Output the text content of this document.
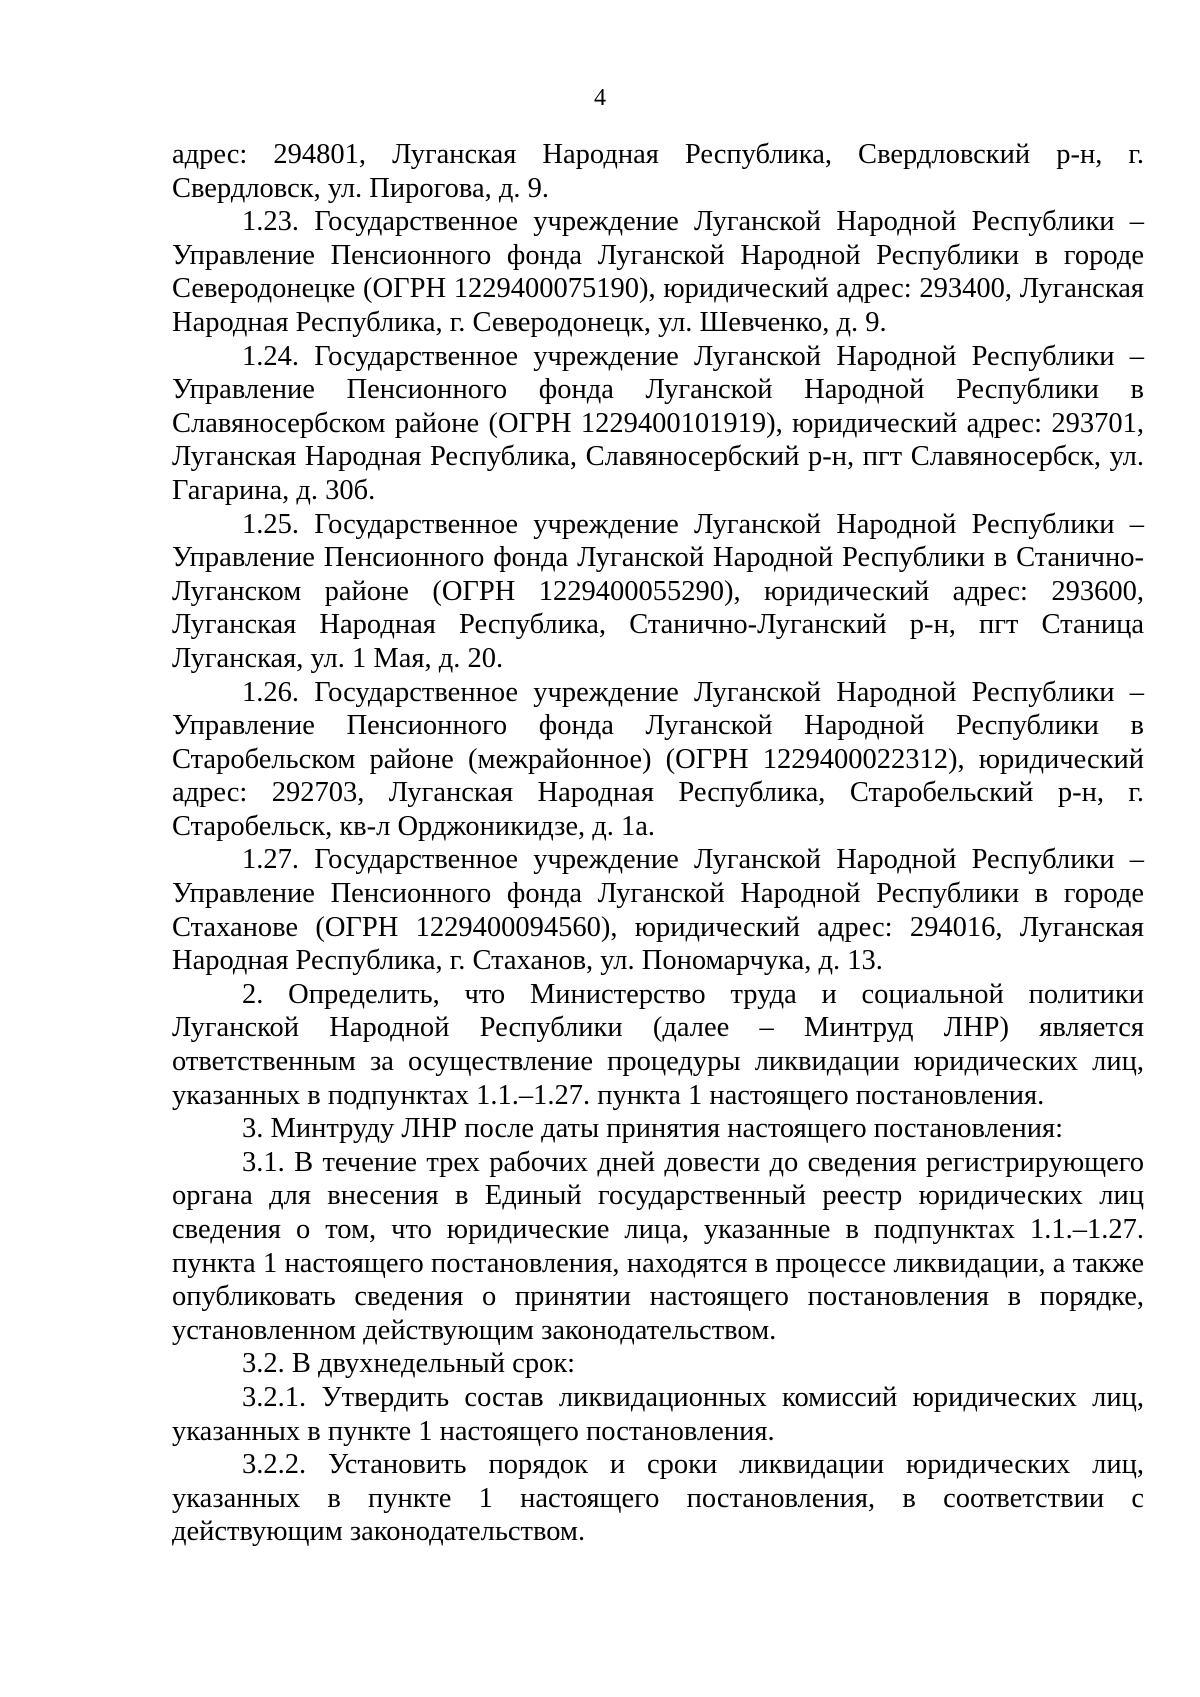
4

адрес: 294801, Луганская Народная Республика, Свердловский р-н, г. Свердловск, ул. Пирогова, д. 9.

1.23. Государственное учреждение Луганской Народной Республики – Управление Пенсионного фонда Луганской Народной Республики в городе Северодонецке (ОГРН 1229400075190), юридический адрес: 293400, Луганская Народная Республика, г. Северодонецк, ул. Шевченко, д. 9.

1.24. Государственное учреждение Луганской Народной Республики – Управление Пенсионного фонда Луганской Народной Республики в Славяносербском районе (ОГРН 1229400101919), юридический адрес: 293701, Луганская Народная Республика, Славяносербский р-н, пгт Славяносербск, ул. Гагарина, д. 30б.

1.25. Государственное учреждение Луганской Народной Республики – Управление Пенсионного фонда Луганской Народной Республики в Станично-Луганском районе (ОГРН 1229400055290), юридический адрес: 293600, Луганская Народная Республика, Станично-Луганский р-н, пгт Станица Луганская, ул. 1 Мая, д. 20.

1.26. Государственное учреждение Луганской Народной Республики – Управление Пенсионного фонда Луганской Народной Республики в Старобельском районе (межрайонное) (ОГРН 1229400022312), юридический адрес: 292703, Луганская Народная Республика, Старобельский р-н, г. Старобельск, кв-л Орджоникидзе, д. 1а.

1.27. Государственное учреждение Луганской Народной Республики – Управление Пенсионного фонда Луганской Народной Республики в городе Стаханове (ОГРН 1229400094560), юридический адрес: 294016, Луганская Народная Республика, г. Стаханов, ул. Пономарчука, д. 13.

2. Определить, что Министерство труда и социальной политики Луганской Народной Республики (далее – Минтруд ЛНР) является ответственным за осуществление процедуры ликвидации юридических лиц, указанных в подпунктах 1.1.–1.27. пункта 1 настоящего постановления.

3. Минтруду ЛНР после даты принятия настоящего постановления:

3.1. В течение трех рабочих дней довести до сведения регистрирующего органа для внесения в Единый государственный реестр юридических лиц сведения о том, что юридические лица, указанные в подпунктах 1.1.–1.27. пункта 1 настоящего постановления, находятся в процессе ликвидации, а также опубликовать сведения о принятии настоящего постановления в порядке, установленном действующим законодательством.

3.2. В двухнедельный срок:

3.2.1. Утвердить состав ликвидационных комиссий юридических лиц, указанных в пункте 1 настоящего постановления.

3.2.2. Установить порядок и сроки ликвидации юридических лиц, указанных в пункте 1 настоящего постановления, в соответствии с действующим законодательством.
